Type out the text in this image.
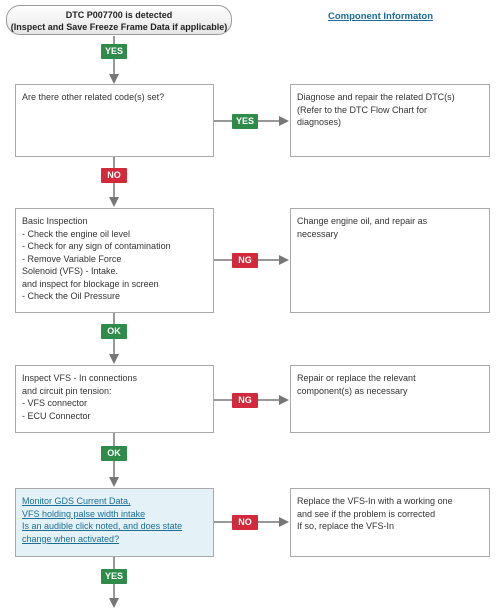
DTC P007700 is detected
(Inspect and Save Freeze Frame Data if applicable)
Component Informaton
YES
Are there other related code(s) set?
YES
Diagnose and repair the related DTC(s)
(Refer to the DTC Flow Chart for
diagnoses)
NO
Basic Inspection
- Check the engine oil level
- Check for any sign of contamination
- Remove Variable Force
Solenoid (VFS) - Intake.
and inspect for blockage in screen
- Check the Oil Pressure
NG
Change engine oil, and repair as
necessary
OK
Inspect VFS - In connections
and circuit pin tension:
- VFS connector
- ECU Connector
NG
Repair or replace the relevant
component(s) as necessary
OK
Monitor GDS Current Data,
VFS holding palse width intake
Is an audible click noted, and does state
change when activated?
NO
Replace the VFS-In with a working one
and see if the problem is corrected
If so, replace the VFS-In
YES
